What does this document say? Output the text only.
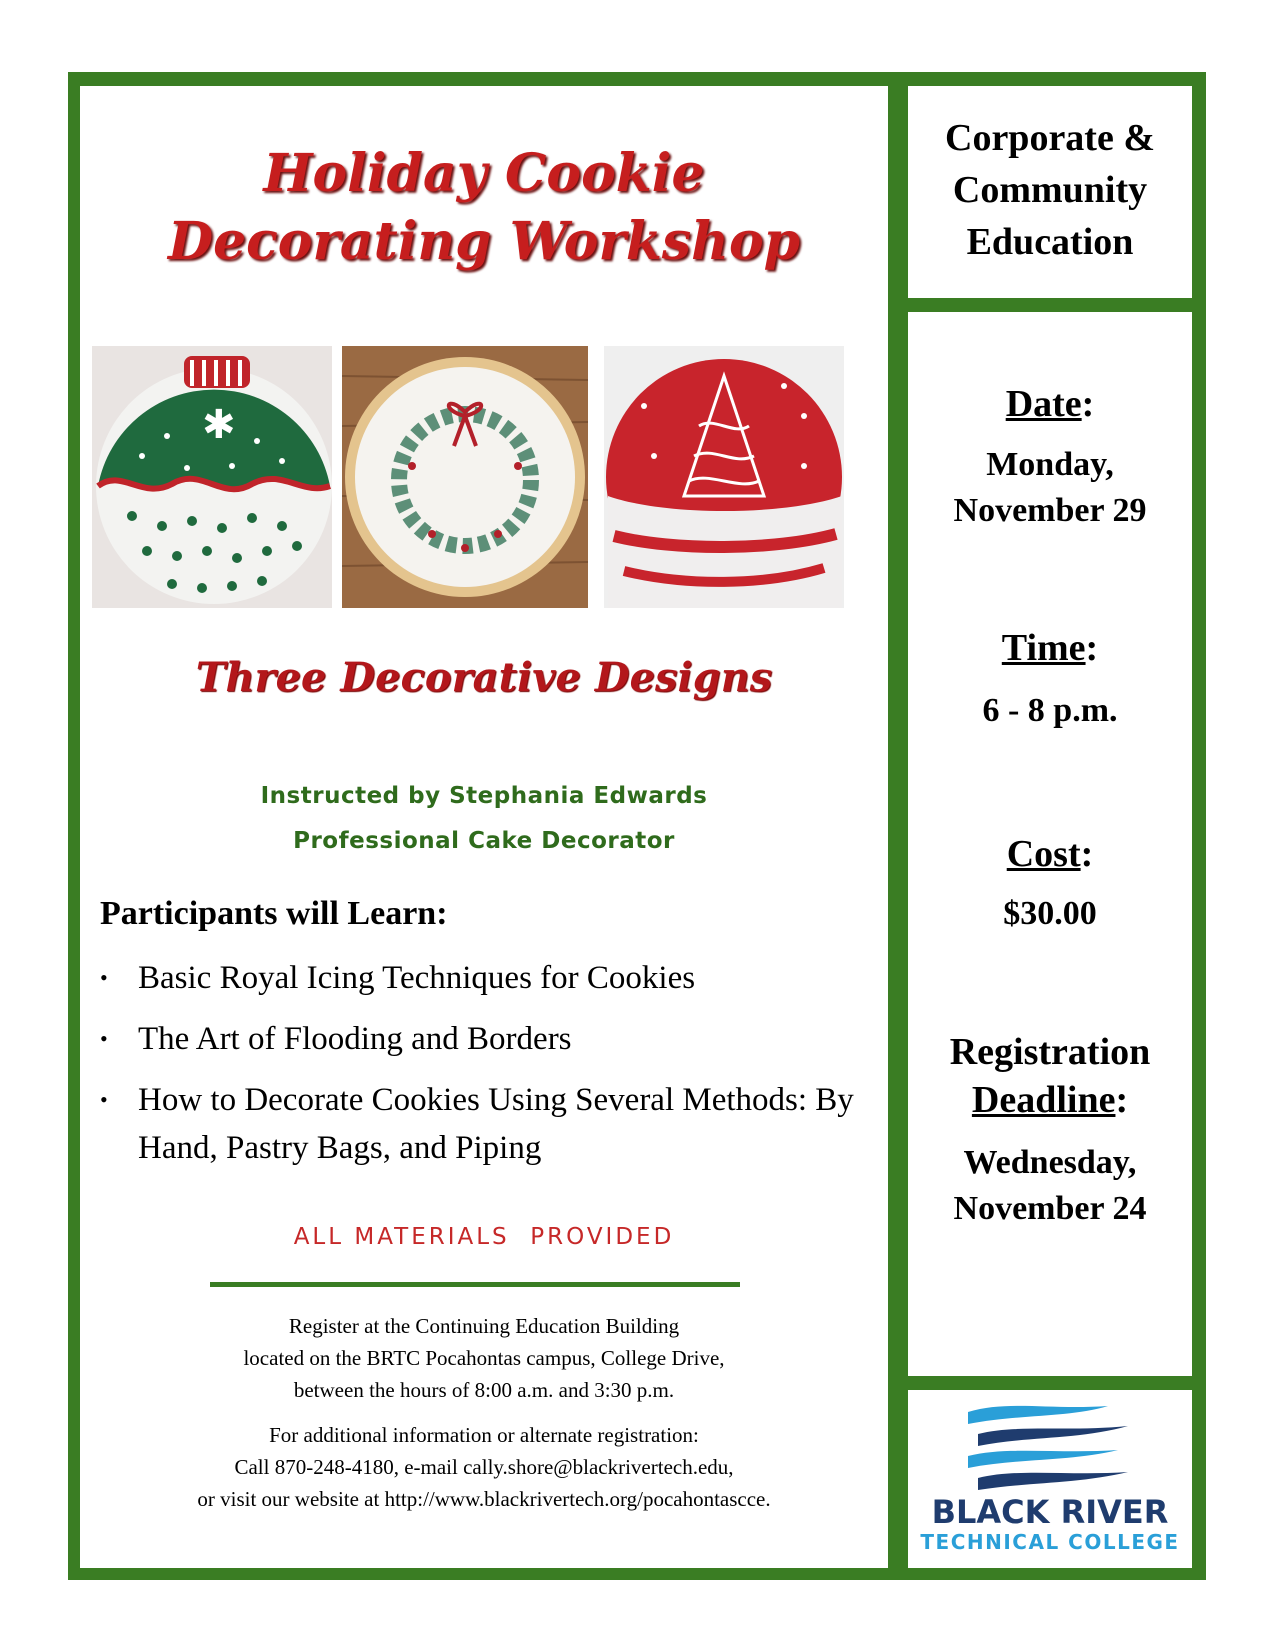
Holiday Cookie
Decorating Workshop
✱
Three Decorative Designs
Instructed by Stephania Edwards
Professional Cake Decorator
Participants will Learn:
• Basic Royal Icing Techniques for Cookies
• The Art of Flooding and Borders
• How to Decorate Cookies Using Several Methods: By Hand, Pastry Bags, and Piping
ALL MATERIALS  PROVIDED
Register at the Continuing Education Building
located on the BRTC Pocahontas campus, College Drive,
between the hours of 8:00 a.m. and 3:30 p.m.
For additional information or alternate registration:
Call 870-248-4180, e-mail cally.shore@blackrivertech.edu,
or visit our website at http://www.blackrivertech.org/pocahontascce.
Corporate &
Community
Education
Date:
Monday,
November 29
Time:
6 - 8 p.m.
Cost:
$30.00
Registration
Deadline:
Wednesday,
November 24
BLACK RIVER
TECHNICAL COLLEGE
